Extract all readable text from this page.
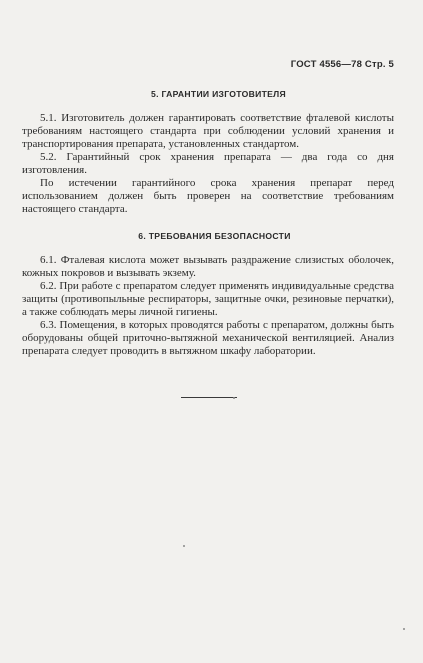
ГОСТ 4556—78 Стр. 5
5. ГАРАНТИИ ИЗГОТОВИТЕЛЯ

5.1. Изготовитель должен гарантировать соответствие фталевой кислоты требованиям настоящего стандарта при соблюдении условий хранения и транспортирования препарата, установленных стандартом.

5.2. Гарантийный срок хранения препарата — два года со дня изготовления.

По истечении гарантийного срока хранения препарат перед использованием должен быть проверен на соответствие требованиям настоящего стандарта.

6. ТРЕБОВАНИЯ БЕЗОПАСНОСТИ

6.1. Фталевая кислота может вызывать раздражение слизистых оболочек, кожных покровов и вызывать экзему.

6.2. При работе с препаратом следует применять индивидуальные средства защиты (противопыльные респираторы, защитные очки, резиновые перчатки), а также соблюдать меры личной гигиены.

6.3. Помещения, в которых проводятся работы с препаратом, должны быть оборудованы общей приточно-вытяжной механической вентиляцией. Анализ препарата следует проводить в вытяжном шкафу лаборатории.
